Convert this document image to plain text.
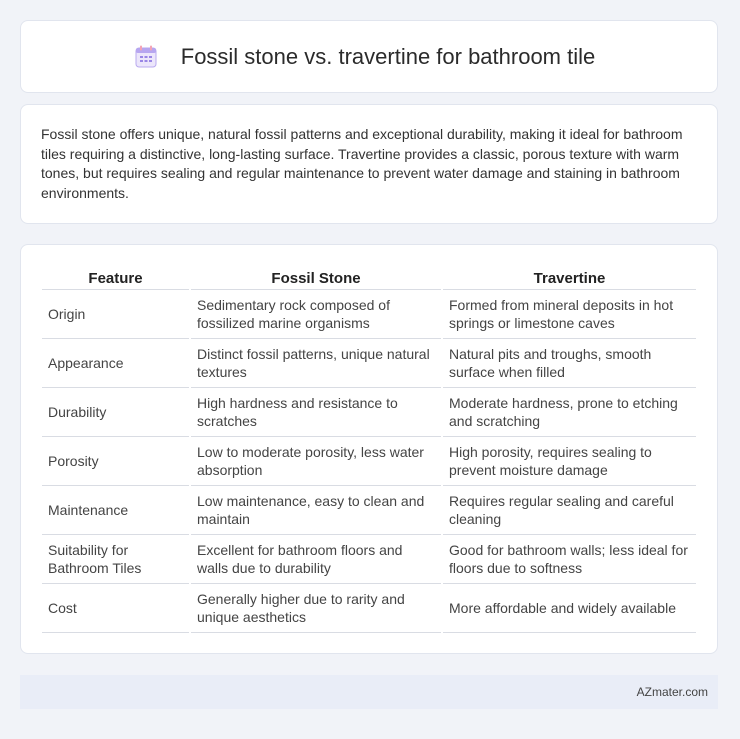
Fossil stone vs. travertine for bathroom tile

Fossil stone offers unique, natural fossil patterns and exceptional durability, making it ideal for bathroom tiles requiring a distinctive, long-lasting surface. Travertine provides a classic, porous texture with warm tones, but requires sealing and regular maintenance to prevent water damage and staining in bathroom environments.

Feature	Fossil Stone	Travertine
Origin	Sedimentary rock composed of fossilized marine organisms	Formed from mineral deposits in hot springs or limestone caves
Appearance	Distinct fossil patterns, unique natural textures	Natural pits and troughs, smooth surface when filled
Durability	High hardness and resistance to scratches	Moderate hardness, prone to etching and scratching
Porosity	Low to moderate porosity, less water absorption	High porosity, requires sealing to prevent moisture damage
Maintenance	Low maintenance, easy to clean and maintain	Requires regular sealing and careful cleaning
Suitability for Bathroom Tiles	Excellent for bathroom floors and walls due to durability	Good for bathroom walls; less ideal for floors due to softness
Cost	Generally higher due to rarity and unique aesthetics	More affordable and widely available
AZmater.com
